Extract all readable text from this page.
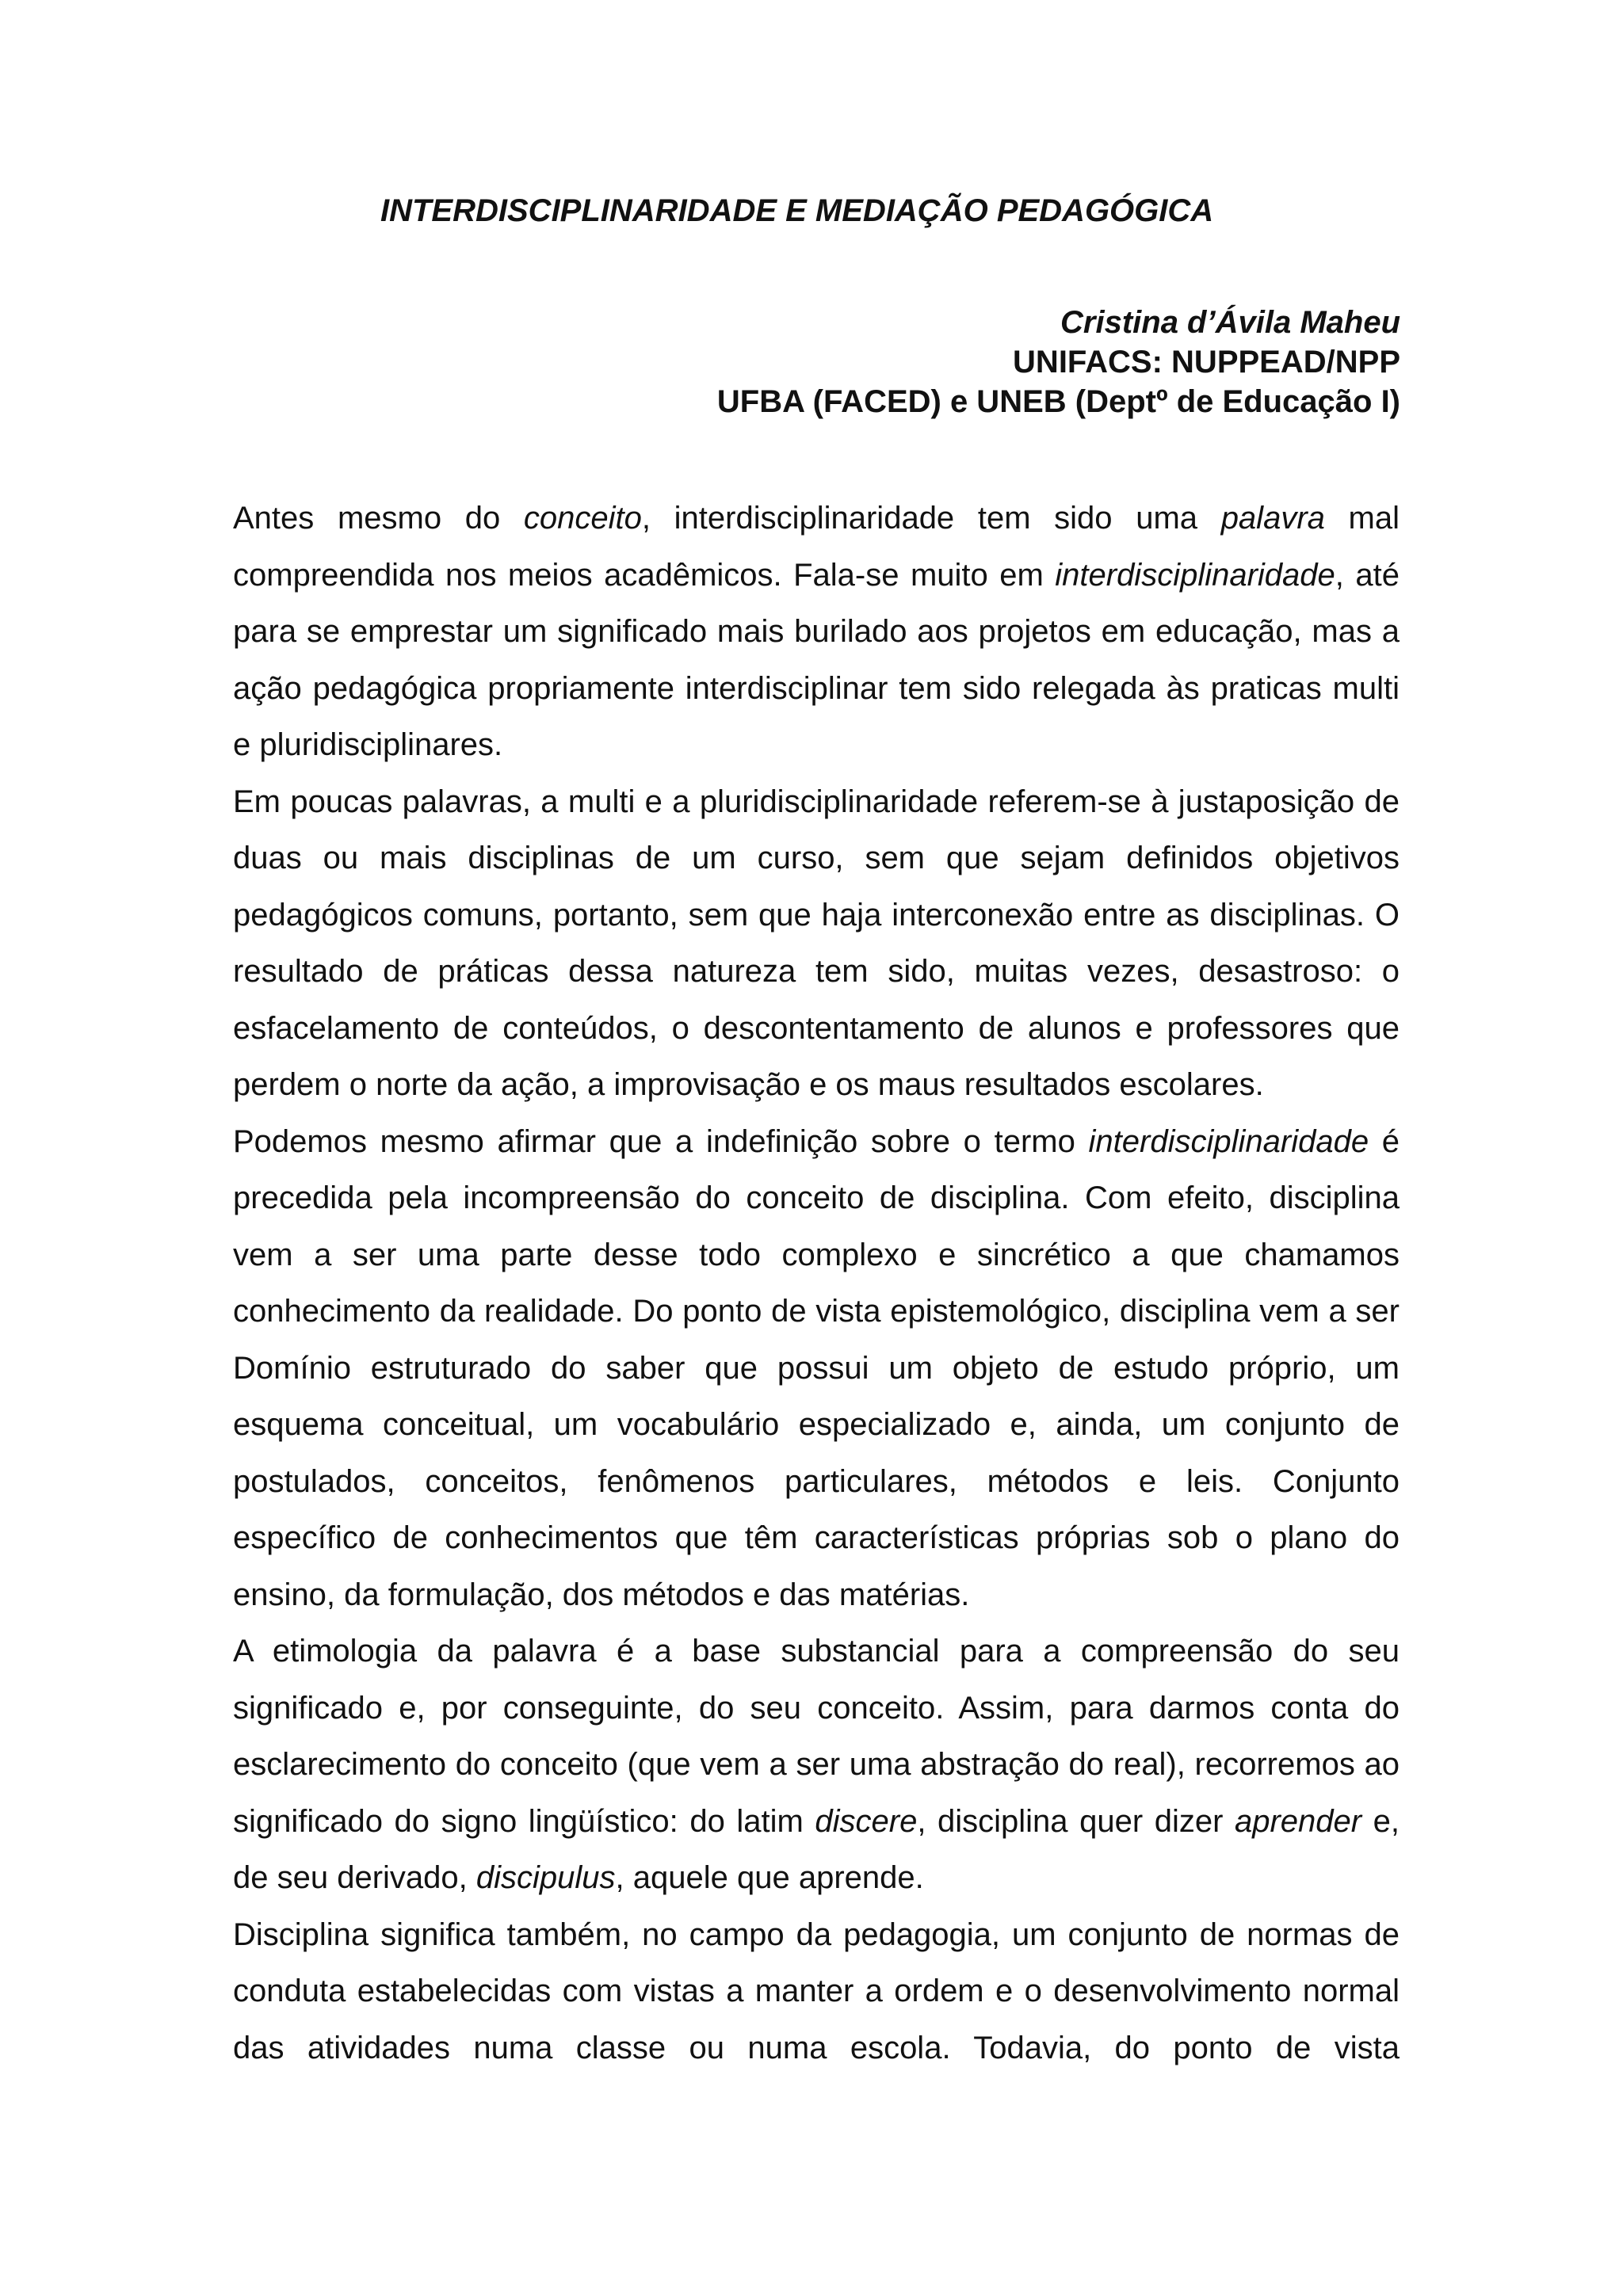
INTERDISCIPLINARIDADE E MEDIAÇÃO PEDAGÓGICA
Cristina d’Ávila Maheu
UNIFACS: NUPPEAD/NPP
UFBA (FACED) e UNEB (Deptº de Educação I)

Antes mesmo do conceito, interdisciplinaridade tem sido uma palavra mal compreendida nos meios acadêmicos. Fala-se muito em interdisciplinaridade, até para se emprestar um significado mais burilado aos projetos em educação, mas a ação pedagógica propriamente interdisciplinar tem sido relegada às praticas multi e pluridisciplinares.

Em poucas palavras, a multi e a pluridisciplinaridade referem-se à justaposição de duas ou mais disciplinas de um curso, sem que sejam definidos objetivos pedagógicos comuns, portanto, sem que haja interconexão entre as disciplinas. O resultado de práticas dessa natureza tem sido, muitas vezes, desastroso: o esfacelamento de conteúdos, o descontentamento de alunos e professores que perdem o norte da ação, a improvisação e os maus resultados escolares.

Podemos mesmo afirmar que a indefinição sobre o termo interdisciplinaridade é precedida pela incompreensão do conceito de disciplina. Com efeito, disciplina vem a ser uma parte desse todo complexo e sincrético a que chamamos conhecimento da realidade. Do ponto de vista epistemológico, disciplina vem a ser Domínio estruturado do saber que possui um objeto de estudo próprio, um esquema conceitual, um vocabulário especializado e, ainda, um conjunto de postulados, conceitos, fenômenos particulares, métodos e leis. Conjunto específico de conhecimentos que têm características próprias sob o plano do ensino, da formulação, dos métodos e das matérias.

A etimologia da palavra é a base substancial para a compreensão do seu significado e, por conseguinte, do seu conceito. Assim, para darmos conta do esclarecimento do conceito (que vem a ser uma abstração do real), recorremos ao significado do signo lingüístico: do latim discere, disciplina quer dizer aprender e, de seu derivado, discipulus, aquele que aprende.

Disciplina significa também, no campo da pedagogia, um conjunto de normas de conduta estabelecidas com vistas a manter a ordem e o desenvolvimento normal das atividades numa classe ou numa escola. Todavia, do ponto de vista
